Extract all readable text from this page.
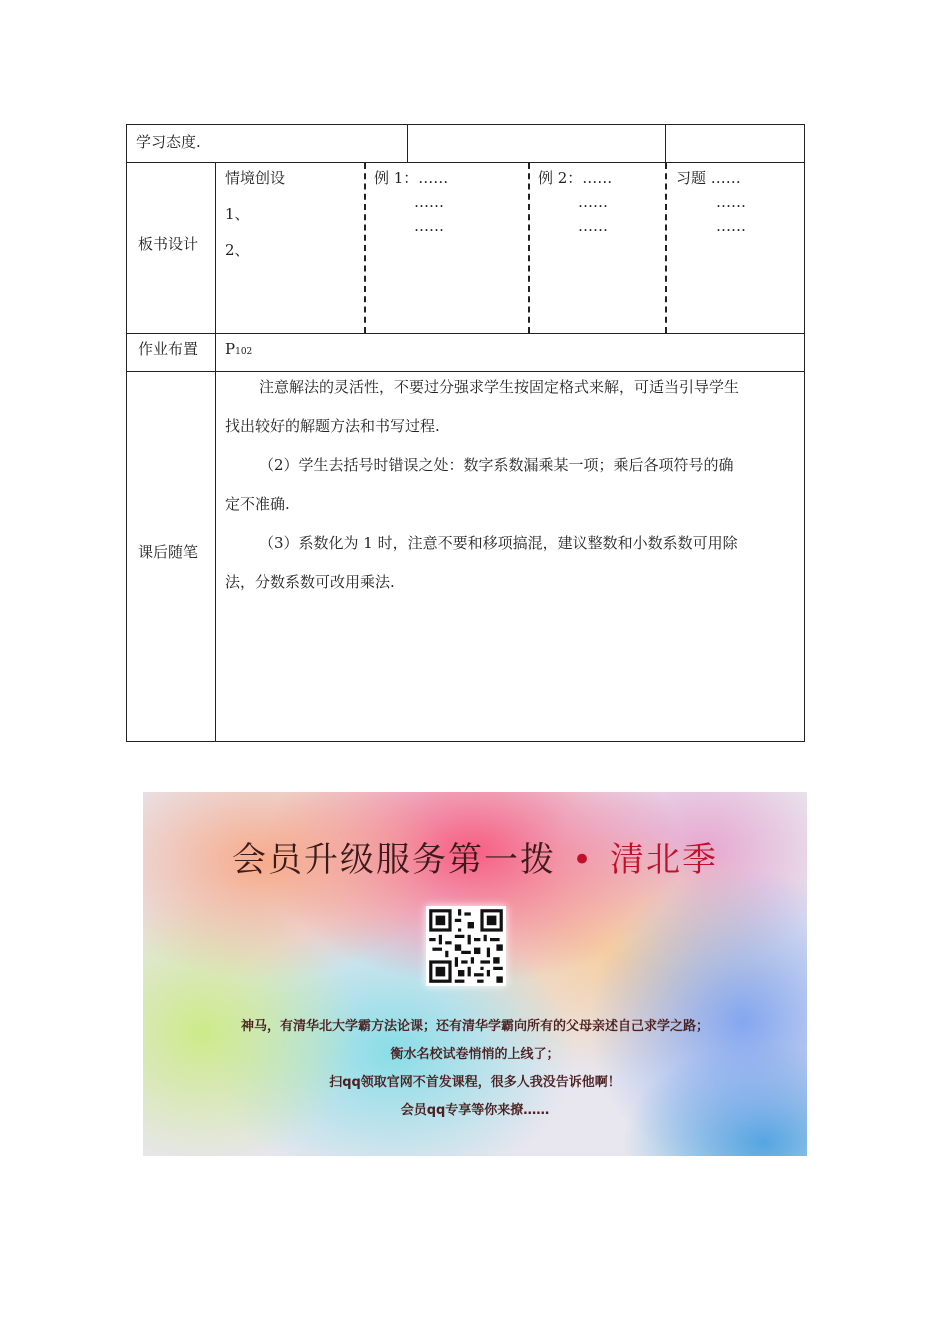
学习态度.
板书设计
情境创设
1、
2、
例 1：……
……
……
例 2：……
……
……
习题 ……
……
……
作业布置 P102
课后随笔

注意解法的灵活性，不要过分强求学生按固定格式来解，可适当引导学生

找出较好的解题方法和书写过程.

（2）学生去括号时错误之处：数字系数漏乘某一项；乘后各项符号的确

定不准确.

（3）系数化为 1 时，注意不要和移项搞混，建议整数和小数系数可用除

法，分数系数可改用乘法.

会员升级服务第一拨 • 清北季
神马，有清华北大学霸方法论课；还有清华学霸向所有的父母亲述自己求学之路；
衡水名校试卷悄悄的上线了；
扫qq领取官网不首发课程，很多人我没告诉他啊！
会员qq专享等你来撩……
